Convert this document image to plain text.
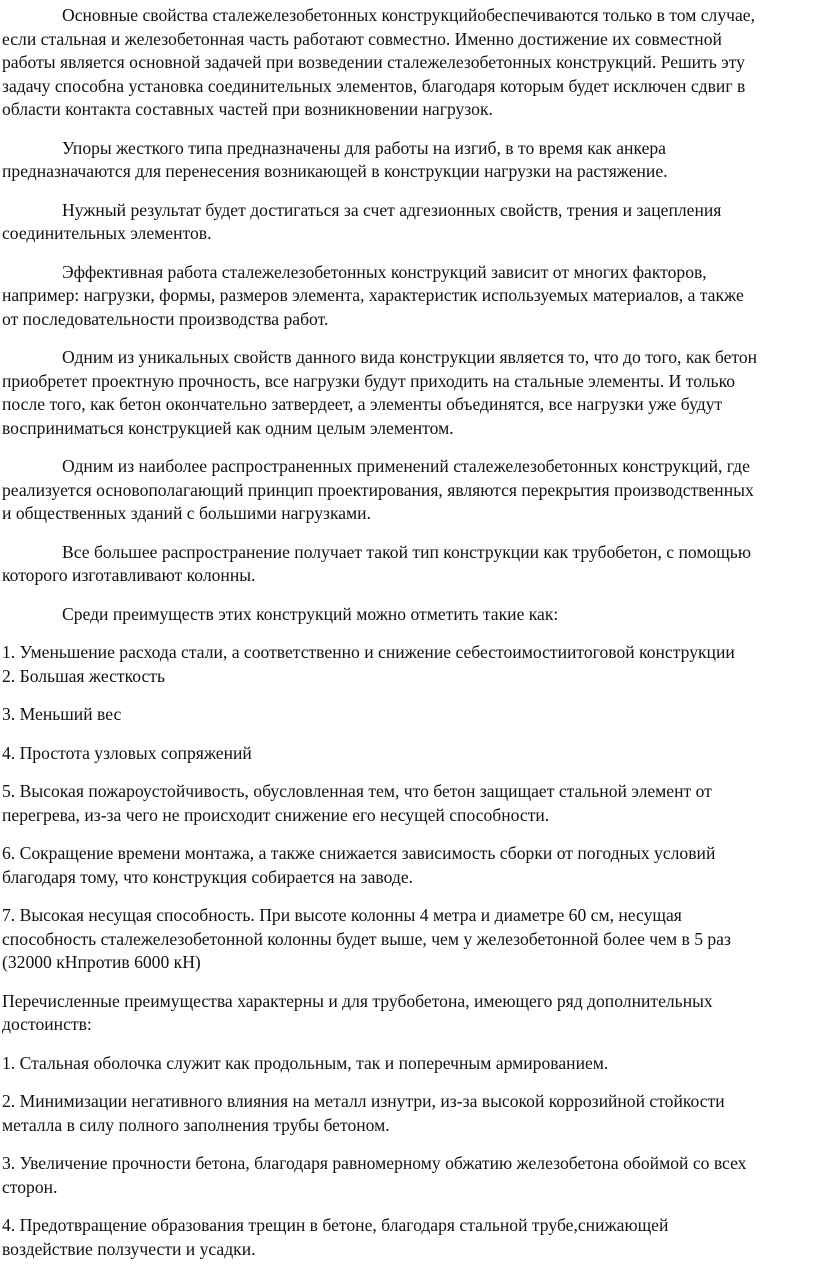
Основные свойства сталежелезобетонных конструкцийобеспечиваются только в том случае,
если стальная и железобетонная часть работают совместно. Именно достижение их совместной
работы является основной задачей при возведении сталежелезобетонных конструкций. Решить эту
задачу способна установка соединительных элементов, благодаря которым будет исключен сдвиг в
области контакта составных частей при возникновении нагрузок.

Упоры жесткого типа предназначены для работы на изгиб, в то время как анкера
предназначаются для перенесения возникающей в конструкции нагрузки на растяжение.

Нужный результат будет достигаться за счет адгезионных свойств, трения и зацепления
соединительных элементов.

Эффективная работа сталежелезобетонных конструкций зависит от многих факторов,
например: нагрузки, формы, размеров элемента, характеристик используемых материалов, а также
от последовательности производства работ.

Одним из уникальных свойств данного вида конструкции является то, что до того, как бетон
приобретет проектную прочность, все нагрузки будут приходить на стальные элементы. И только
после того, как бетон окончательно затвердеет, а элементы объединятся, все нагрузки уже будут
восприниматься конструкцией как одним целым элементом.

Одним из наиболее распространенных применений сталежелезобетонных конструкций, где
реализуется основополагающий принцип проектирования, являются перекрытия производственных
и общественных зданий с большими нагрузками.

Все большее распространение получает такой тип конструкции как трубобетон, с помощью
которого изготавливают колонны.

Среди преимуществ этих конструкций можно отметить такие как:

1. Уменьшение расхода стали, а соответственно и снижение себестоимостиитоговой конструкции

2. Большая жесткость

3. Меньший вес

4. Простота узловых сопряжений

5. Высокая пожароустойчивость, обусловленная тем, что бетон защищает стальной элемент от
перегрева, из-за чего не происходит снижение его несущей способности.

6. Сокращение времени монтажа, а также снижается зависимость сборки от погодных условий
благодаря тому, что конструкция собирается на заводе.

7. Высокая несущая способность. При высоте колонны 4 метра и диаметре 60 см, несущая
способность сталежелезобетонной колонны будет выше, чем у железобетонной более чем в 5 раз
(32000 кНпротив 6000 кН)

Перечисленные преимущества характерны и для трубобетона, имеющего ряд дополнительных
достоинств:

1. Стальная оболочка служит как продольным, так и поперечным армированием.

2. Минимизации негативного влияния на металл изнутри, из-за высокой коррозийной стойкости
металла в силу полного заполнения трубы бетоном.

3. Увеличение прочности бетона, благодаря равномерному обжатию железобетона обоймой со всех
сторон.

4. Предотвращение образования трещин в бетоне, благодаря стальной трубе,снижающей
воздействие ползучести и усадки.
